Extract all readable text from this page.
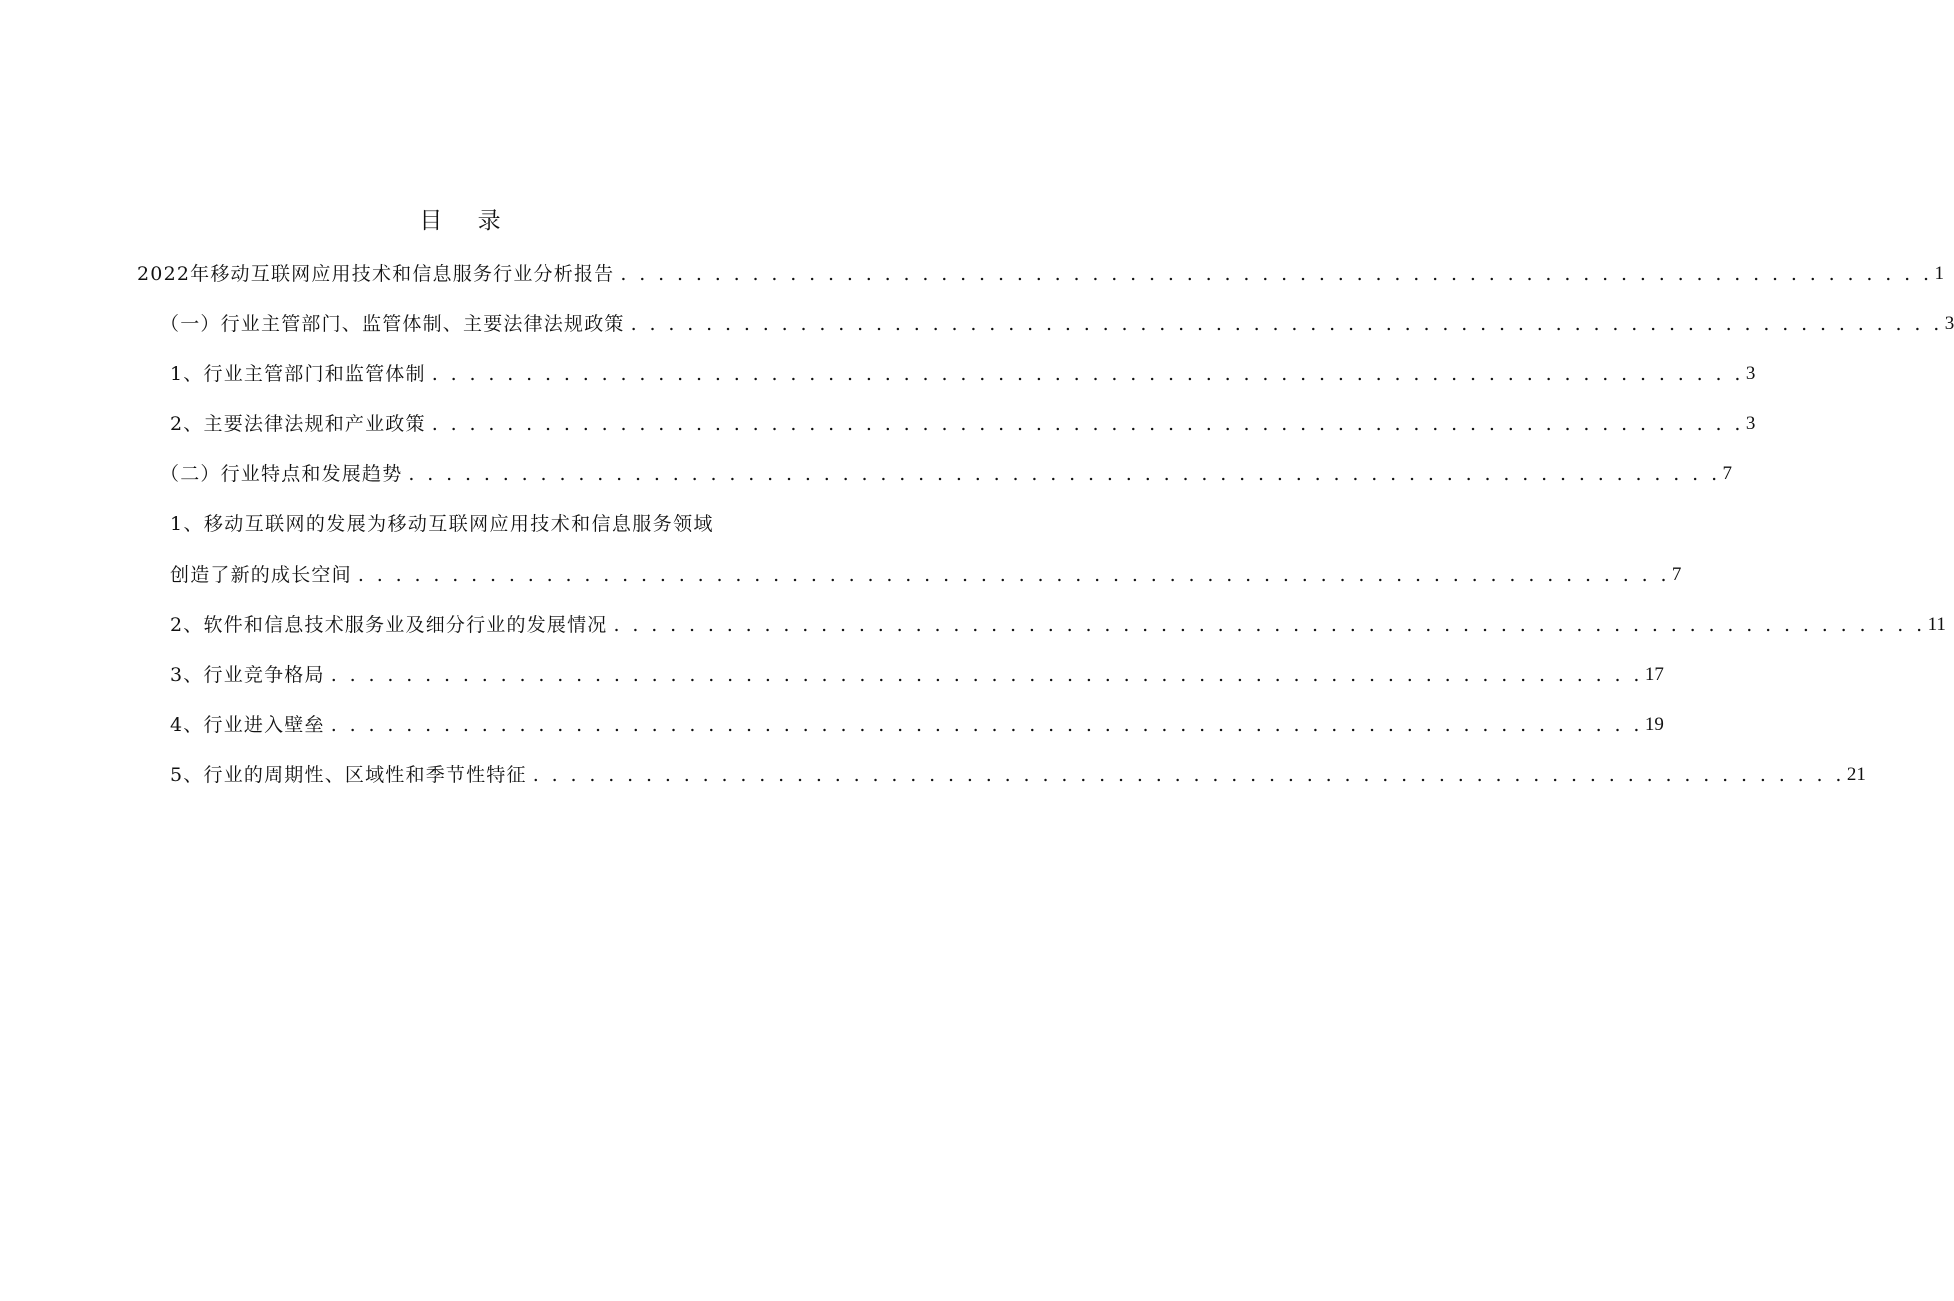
目 录
2022年移动互联网应用技术和信息服务行业分析报告 . . . . . . . . . . . . . . . . . . . . . . . . . . . . . . . . . . . . . . . . . . . . . . . . . . . . . . . . . . . . . . . . . . . . . . 1
（一）行业主管部门、监管体制、主要法律法规政策 . . . . . . . . . . . . . . . . . . . . . . . . . . . . . . . . . . . . . . . . . . . . . . . . . . . . . . . . . . . . . . . . . . . . . . 3
1、行业主管部门和监管体制 . . . . . . . . . . . . . . . . . . . . . . . . . . . . . . . . . . . . . . . . . . . . . . . . . . . . . . . . . . . . . . . . . . . . . . 3
2、主要法律法规和产业政策 . . . . . . . . . . . . . . . . . . . . . . . . . . . . . . . . . . . . . . . . . . . . . . . . . . . . . . . . . . . . . . . . . . . . . . 3
（二）行业特点和发展趋势 . . . . . . . . . . . . . . . . . . . . . . . . . . . . . . . . . . . . . . . . . . . . . . . . . . . . . . . . . . . . . . . . . . . . . . 7
1、移动互联网的发展为移动互联网应用技术和信息服务领域
创造了新的成长空间 . . . . . . . . . . . . . . . . . . . . . . . . . . . . . . . . . . . . . . . . . . . . . . . . . . . . . . . . . . . . . . . . . . . . . . 7
2、软件和信息技术服务业及细分行业的发展情况 . . . . . . . . . . . . . . . . . . . . . . . . . . . . . . . . . . . . . . . . . . . . . . . . . . . . . . . . . . . . . . . . . . . . . . 11
3、行业竞争格局 . . . . . . . . . . . . . . . . . . . . . . . . . . . . . . . . . . . . . . . . . . . . . . . . . . . . . . . . . . . . . . . . . . . . . . 17
4、行业进入壁垒 . . . . . . . . . . . . . . . . . . . . . . . . . . . . . . . . . . . . . . . . . . . . . . . . . . . . . . . . . . . . . . . . . . . . . . 19
5、行业的周期性、区域性和季节性特征 . . . . . . . . . . . . . . . . . . . . . . . . . . . . . . . . . . . . . . . . . . . . . . . . . . . . . . . . . . . . . . . . . . . . . . 21
